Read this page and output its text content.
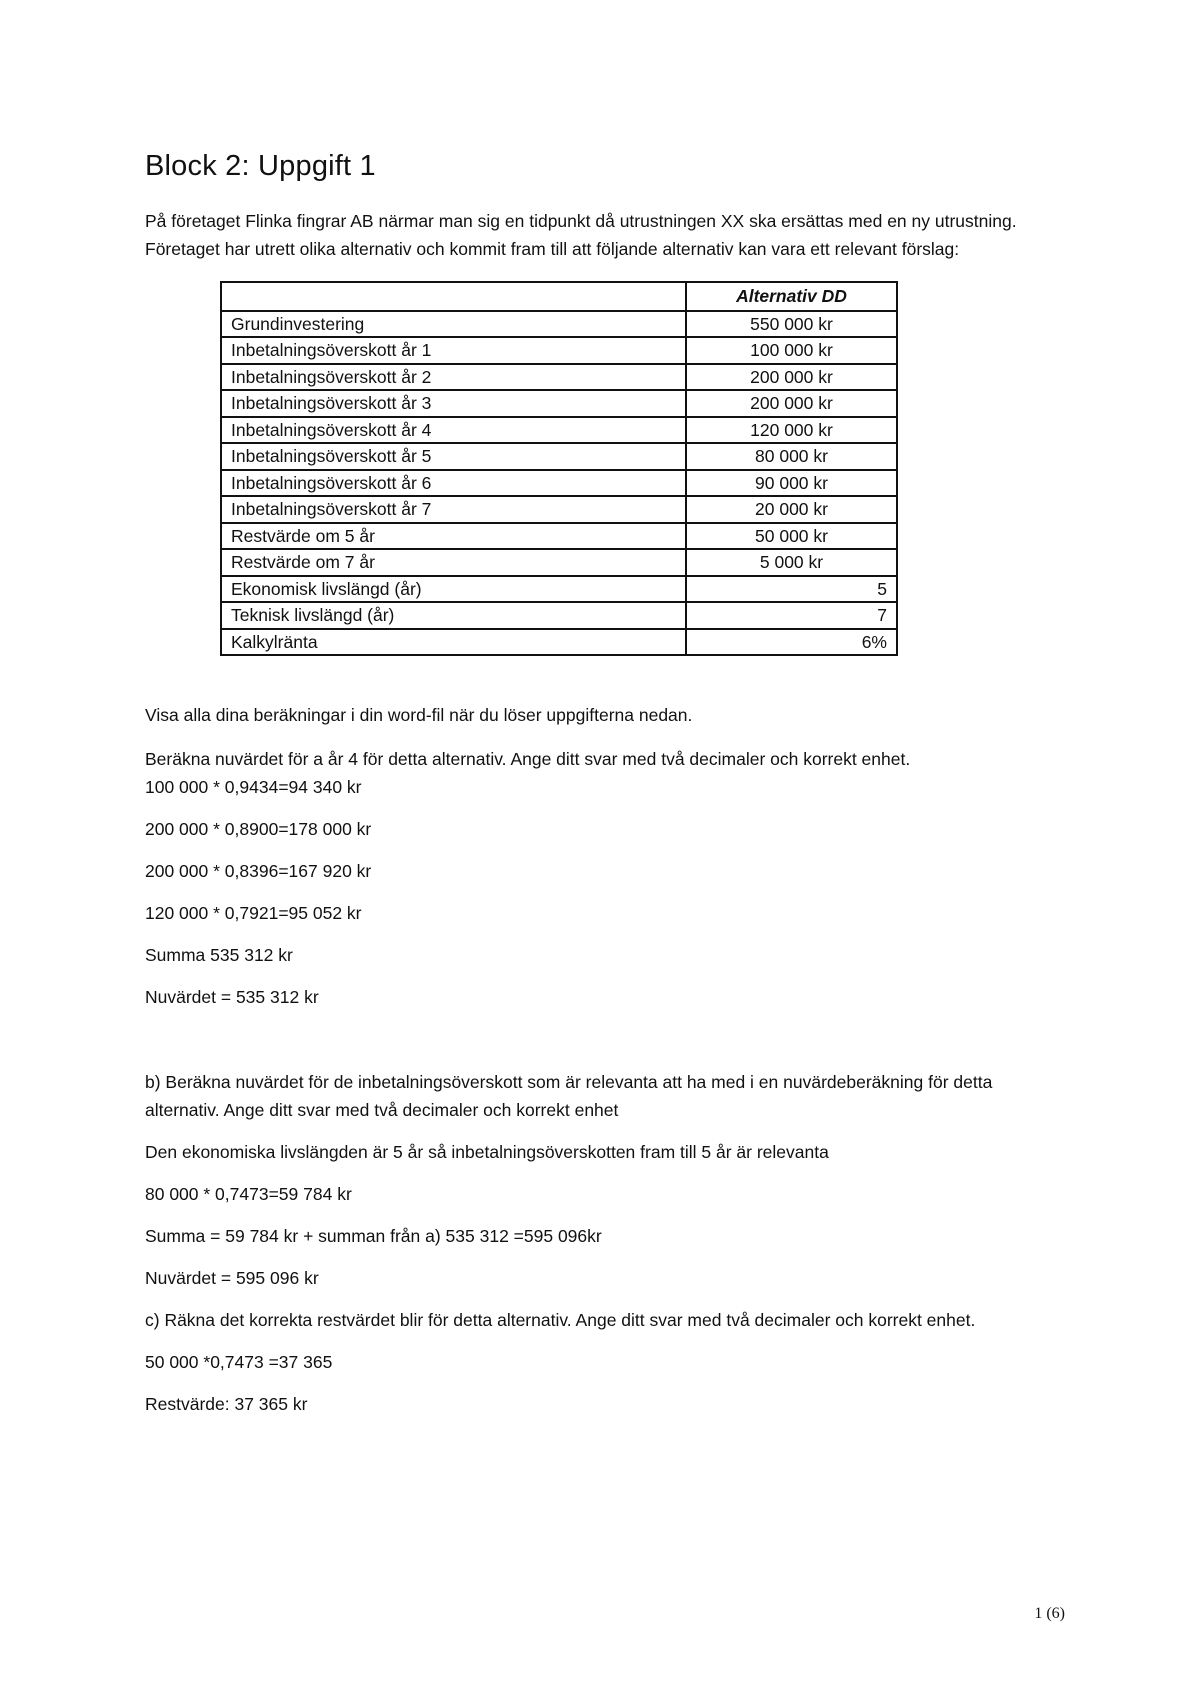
Block 2: Uppgift 1

På företaget Flinka fingrar AB närmar man sig en tidpunkt då utrustningen XX ska ersättas med en ny utrustning. Företaget har utrett olika alternativ och kommit fram till att följande alternativ kan vara ett relevant förslag:

	Alternativ DD
Grundinvestering	550 000 kr
Inbetalningsöverskott år 1	100 000 kr
Inbetalningsöverskott år 2	200 000 kr
Inbetalningsöverskott år 3	200 000 kr
Inbetalningsöverskott år 4	120 000 kr
Inbetalningsöverskott år 5	80 000 kr
Inbetalningsöverskott år 6	90 000 kr
Inbetalningsöverskott år 7	20 000 kr
Restvärde om 5 år	50 000 kr
Restvärde om 7 år	5 000 kr
Ekonomisk livslängd (år)	5
Teknisk livslängd (år)	7
Kalkylränta	6%

Visa alla dina beräkningar i din word-fil när du löser uppgifterna nedan.

Beräkna nuvärdet för a år 4 för detta alternativ. Ange ditt svar med två decimaler och korrekt enhet.

100 000 * 0,9434=94 340 kr

200 000 * 0,8900=178 000 kr

200 000 * 0,8396=167 920 kr

120 000 * 0,7921=95 052 kr

Summa 535 312 kr

Nuvärdet = 535 312 kr

b) Beräkna nuvärdet för de inbetalningsöverskott som är relevanta att ha med i en nuvärdeberäkning för detta alternativ. Ange ditt svar med två decimaler och korrekt enhet

Den ekonomiska livslängden är 5 år så inbetalningsöverskotten fram till 5 år är relevanta

80 000 * 0,7473=59 784 kr

Summa = 59 784 kr + summan från a) 535 312 =595 096kr

Nuvärdet = 595 096 kr

c) Räkna det korrekta restvärdet blir för detta alternativ. Ange ditt svar med två decimaler och korrekt enhet.

50 000 *0,7473 =37 365

Restvärde: 37 365 kr

1 (6)
